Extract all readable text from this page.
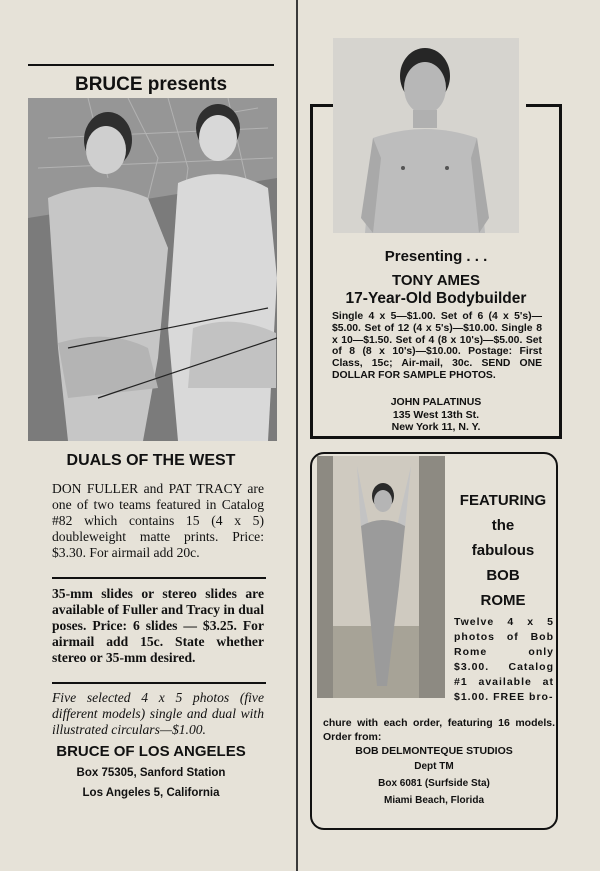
BRUCE presents
DUALS OF THE WEST
DON FULLER and PAT TRACY are one of two teams featured in Catalog #82 which contains 15 (4 x 5) doubleweight matte prints. Price: $3.30. For airmail add 20c.
35-mm slides or stereo slides are available of Fuller and Tracy in dual poses. Price: 6 slides — $3.25. For airmail add 15c. State whether stereo or 35-mm desired.
Five selected 4 x 5 photos (five different models) single and dual with illustrated circulars—$1.00.
BRUCE OF LOS ANGELES
Box 75305, Sanford Station
Los Angeles 5, California
Presenting . . .
TONY AMES
17-Year-Old Bodybuilder
Single 4 x 5—$1.00. Set of 6 (4 x 5's)—$5.00. Set of 12 (4 x 5's)—$10.00. Single 8 x 10—$1.50. Set of 4 (8 x 10's)—$5.00. Set of 8 (8 x 10's)—$10.00. Postage: First Class, 15c; Air-mail, 30c. SEND ONE DOLLAR FOR SAMPLE PHOTOS.
JOHN PALATINUS
135 West 13th St.
New York 11, N. Y.
FEATURING
the
fabulous
BOB
ROME
Twelve 4 x 5 photos of Bob Rome only $3.00. Catalog #1 available at $1.00. FREE bro-
chure with each order, featuring 16 models. Order from:
BOB DELMONTEQUE STUDIOS
Dept TM
Box 6081 (Surfside Sta)
Miami Beach, Florida
